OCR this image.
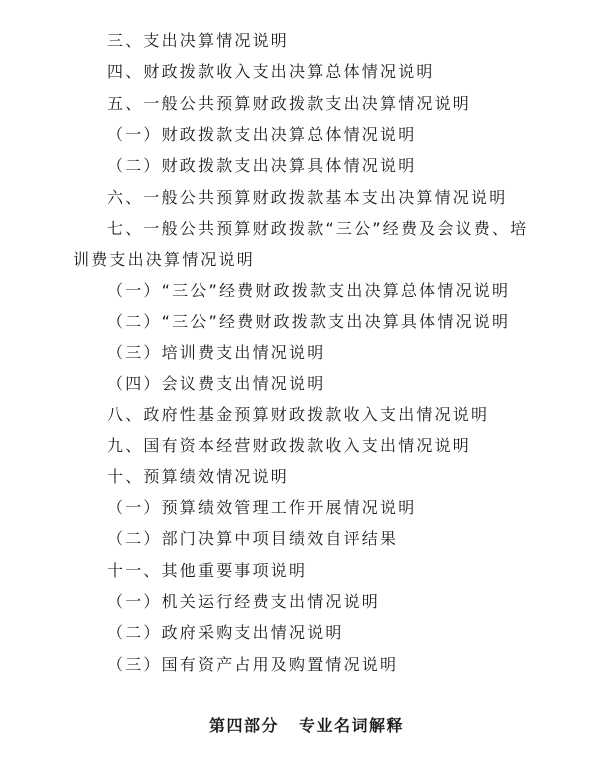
三、支出决算情况说明
四、财政拨款收入支出决算总体情况说明
五、一般公共预算财政拨款支出决算情况说明
（一）财政拨款支出决算总体情况说明
（二）财政拨款支出决算具体情况说明
六、一般公共预算财政拨款基本支出决算情况说明
七、一般公共预算财政拨款“三公”经费及会议费、培
训费支出决算情况说明
（一）“三公”经费财政拨款支出决算总体情况说明
（二）“三公”经费财政拨款支出决算具体情况说明
（三）培训费支出情况说明
（四）会议费支出情况说明
八、政府性基金预算财政拨款收入支出情况说明
九、国有资本经营财政拨款收入支出情况说明
十、预算绩效情况说明
（一）预算绩效管理工作开展情况说明
（二）部门决算中项目绩效自评结果
十一、其他重要事项说明
（一）机关运行经费支出情况说明
（二）政府采购支出情况说明
（三）国有资产占用及购置情况说明
第四部分 专业名词解释
